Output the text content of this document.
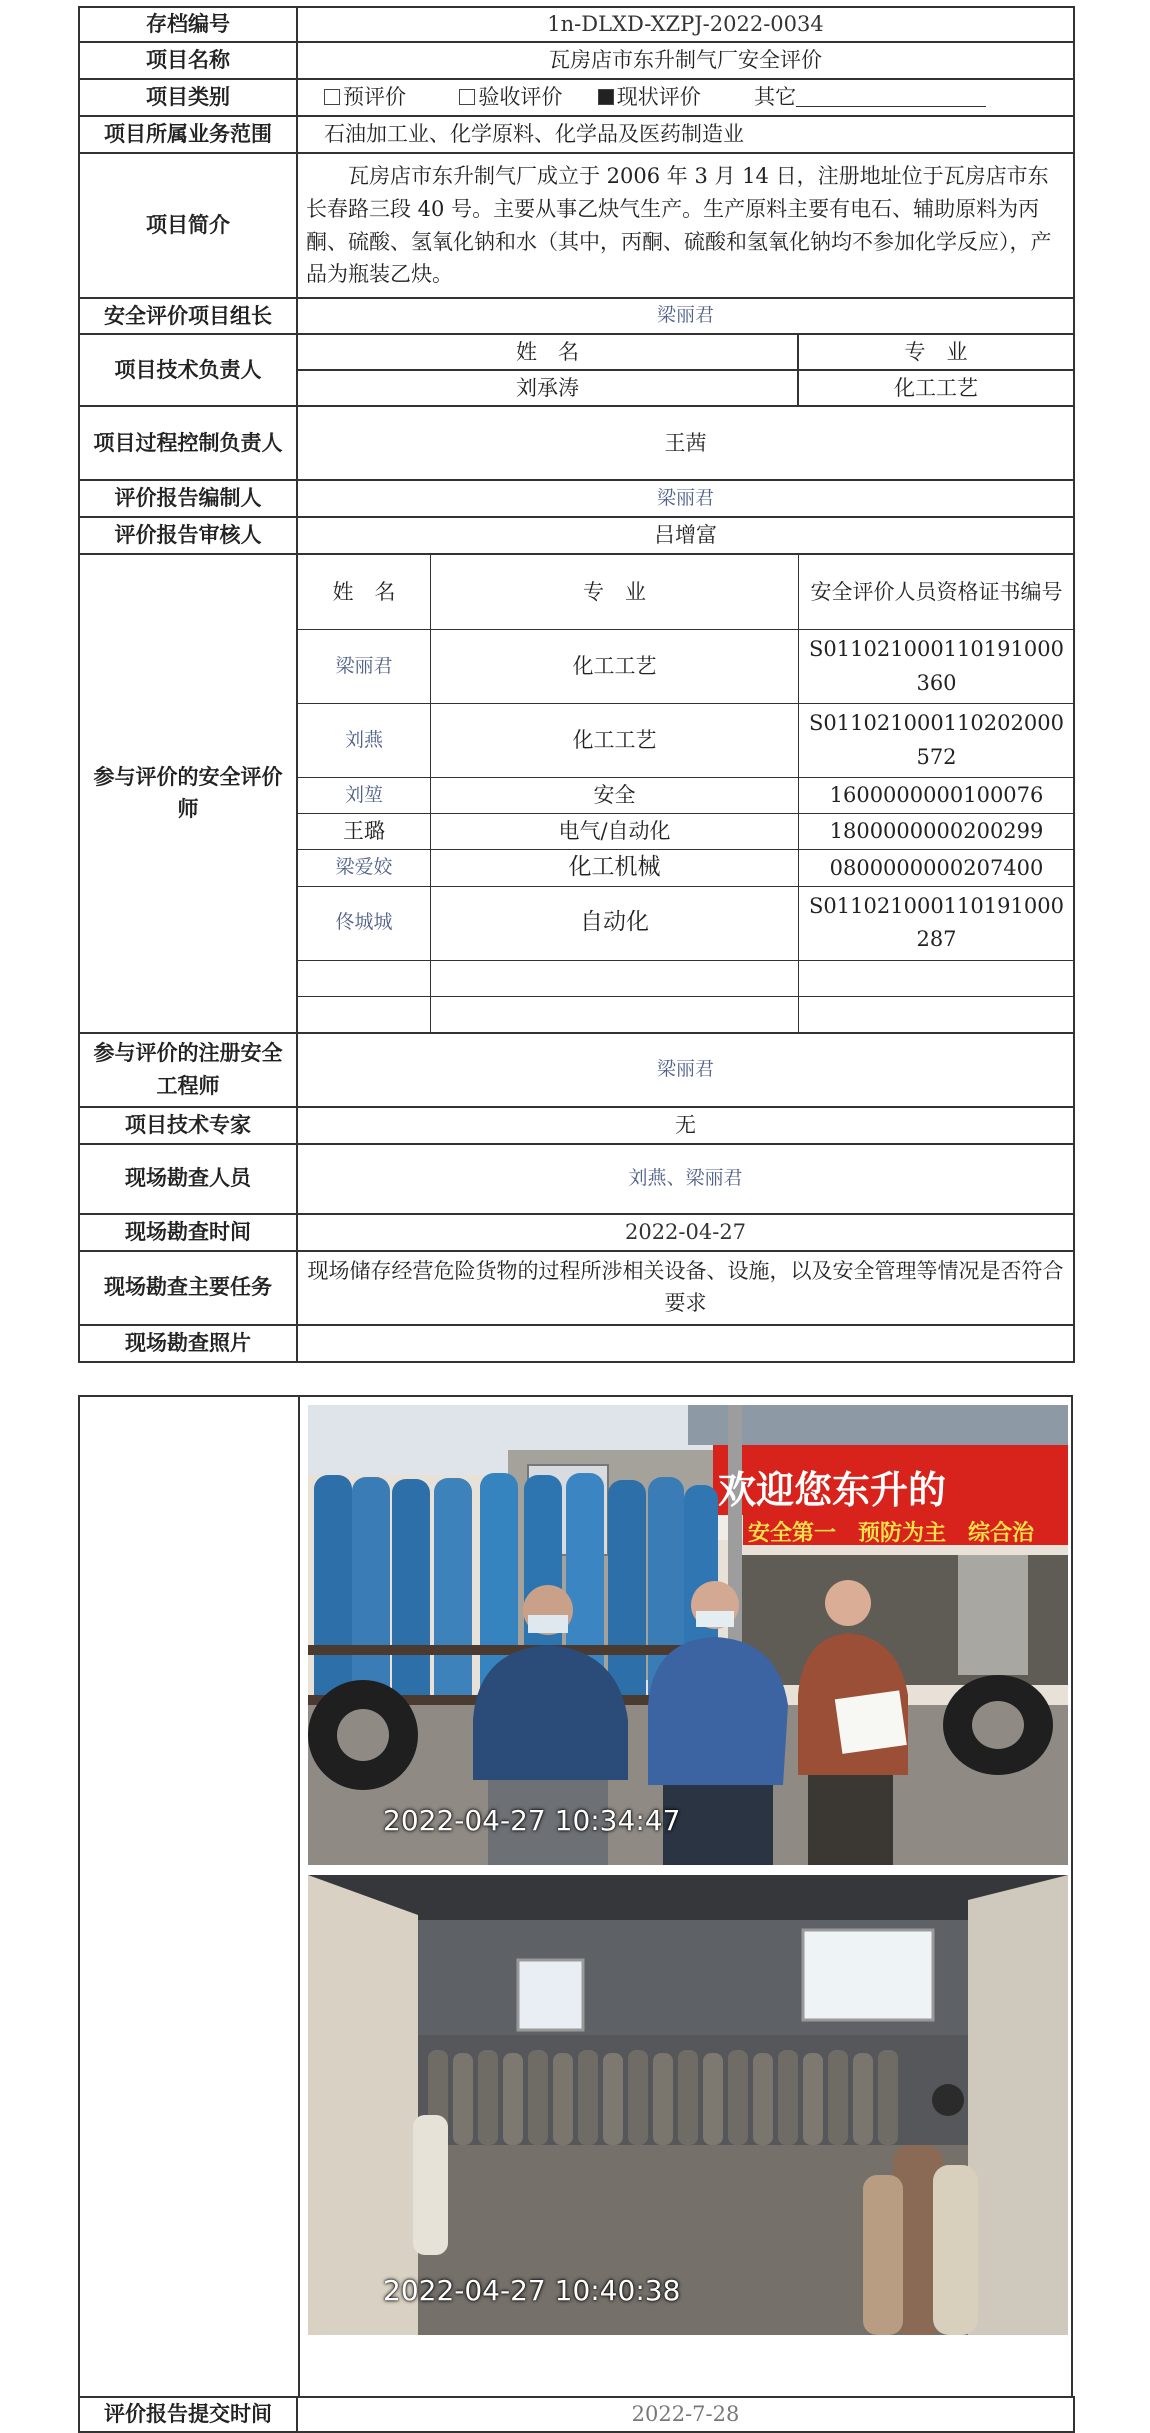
存档编号	1n-DLXD-XZPJ-2022-0034
项目名称	瓦房店市东升制气厂安全评价
项目类别	预评价	验收评价	现状评价	其它
项目所属业务范围	石油加工业、化学原料、化学品及医药制造业
项目简介	瓦房店市东升制气厂成立于 2006 年 3 月 14 日，注册地址位于瓦房店市东长春路三段 40 号。主要从事乙炔气生产。生产原料主要有电石、辅助原料为丙酮、硫酸、氢氧化钠和水（其中，丙酮、硫酸和氢氧化钠均不参加化学反应），产品为瓶装乙炔。
安全评价项目组长	梁丽君
项目技术负责人	姓　名	专　业
刘承涛	化工工艺
项目过程控制负责人	王茜
评价报告编制人	梁丽君
评价报告审核人	吕增富
参与评价的安全评价师	
姓　名	专　业	安全评价人员资格证书编号
梁丽君	化工工艺	S011021000110191000360
刘燕	化工工艺	S011021000110202000572
刘堃	安全	1600000000100076
王璐	电气/自动化	1800000000200299
梁爱姣	化工机械	0800000000207400
佟城城	自动化	S011021000110191000287

参与评价的注册安全工程师	梁丽君
项目技术专家	无
现场勘查人员	刘燕、梁丽君
现场勘查时间	2022-04-27
现场勘查主要任务	现场储存经营危险货物的过程所涉相关设备、设施，以及安全管理等情况是否符合要求
现场勘查照片	
欢迎您东升的
安全第一　预防为主　综合治
2022-04-27 10:34:47
2022-04-27 10:40:38
评价报告提交时间	2022-7-28
